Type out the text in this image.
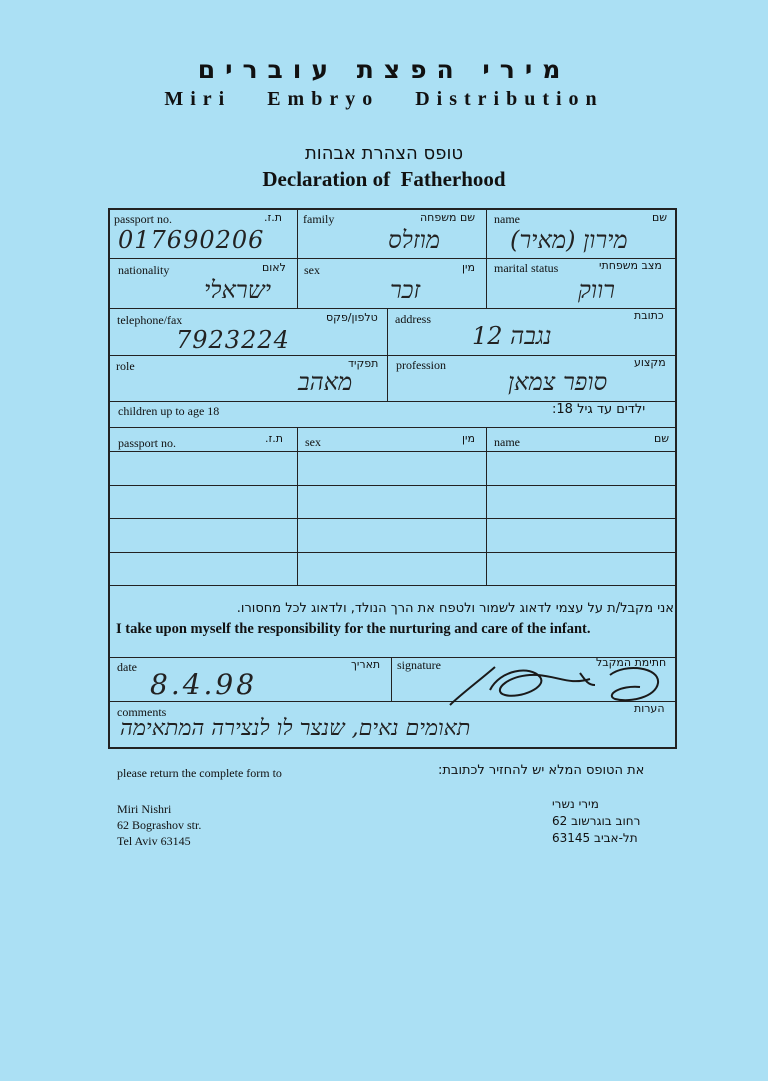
מירי הפצת עוברים
Miri   Embryo   Distribution
טופס הצהרת אבהות
Declaration of  Fatherhood
passport no.	ת.ז.
017690206
family	שם משפחה
מוזלס
name	שם
מירון (מאיר)
nationality	לאום
ישראלי
sex	מין
זכר
marital status	מצב משפחתי
רווק
telephone/fax	טלפון/פקס
7923224
address	כתובת
נגבה 12
role	תפקיד
מאהב
profession	מקצוע
סופר צמאן
children up to age 18	ילדים עד גיל 18:
passport no.	ת.ז. sex	מין name	שם
אני מקבל/ת על עצמי לדאוג לשמור ולטפח את הרך הנולד, ולדאוג לכל מחסורו.
I take upon myself the responsibility for the nurturing and care of the infant.
date	תאריך
8.4.98
signature	חתימת המקבל
comments	הערות
תאומים נאים, שנצר לו לנצירה המתאימה
please return the complete form to	את הטופס המלא יש להחזיר לכתובת:
Miri Nishri
62 Bograshov str.
Tel Aviv 63145
מירי נשרי
רחוב בוגרשוב 62
תל-אביב 63145
